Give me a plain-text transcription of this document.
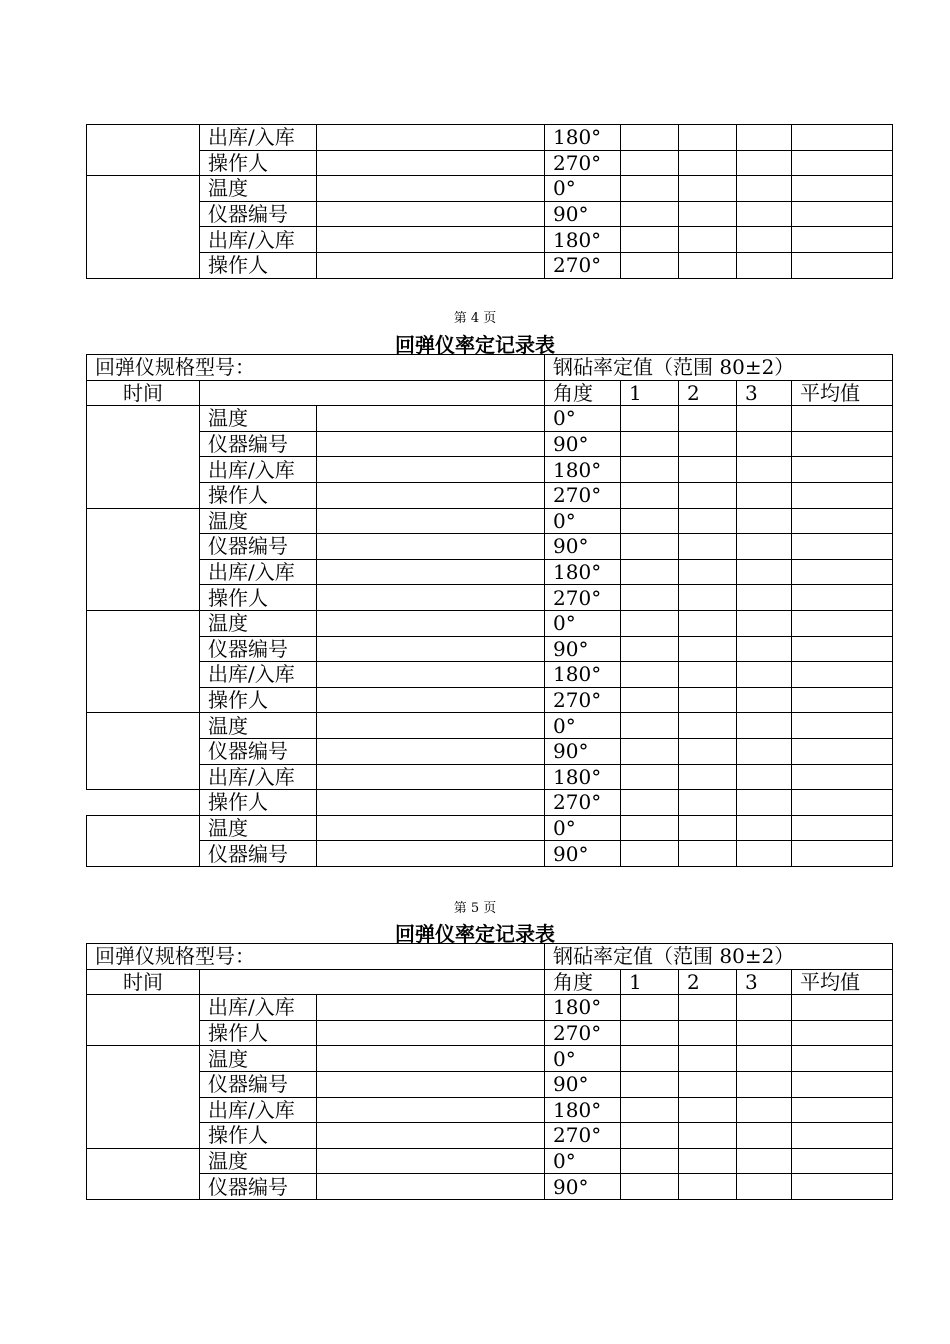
	出库/入库		180°				
	操作人		270°				
	温度		0°				
	仪器编号		90°				
	出库/入库		180°				
	操作人		270°				
第 4 页
回弹仪率定记录表
回弹仪规格型号：			钢砧率定值（范围 80±2）				
时间			角度	1	2	3	平均值
	温度		0°				
	仪器编号		90°				
	出库/入库		180°				
	操作人		270°				
	温度		0°				
	仪器编号		90°				
	出库/入库		180°				
	操作人		270°				
	温度		0°				
	仪器编号		90°				
	出库/入库		180°				
	操作人		270°				
	温度		0°				
	仪器编号		90°				
	出库/入库		180°				
	操作人		270°				
	温度		0°				
	仪器编号		90°				
第 5 页
回弹仪率定记录表
回弹仪规格型号：			钢砧率定值（范围 80±2）				
时间			角度	1	2	3	平均值
	出库/入库		180°				
	操作人		270°				
	温度		0°				
	仪器编号		90°				
	出库/入库		180°				
	操作人		270°				
	温度		0°				
	仪器编号		90°				
